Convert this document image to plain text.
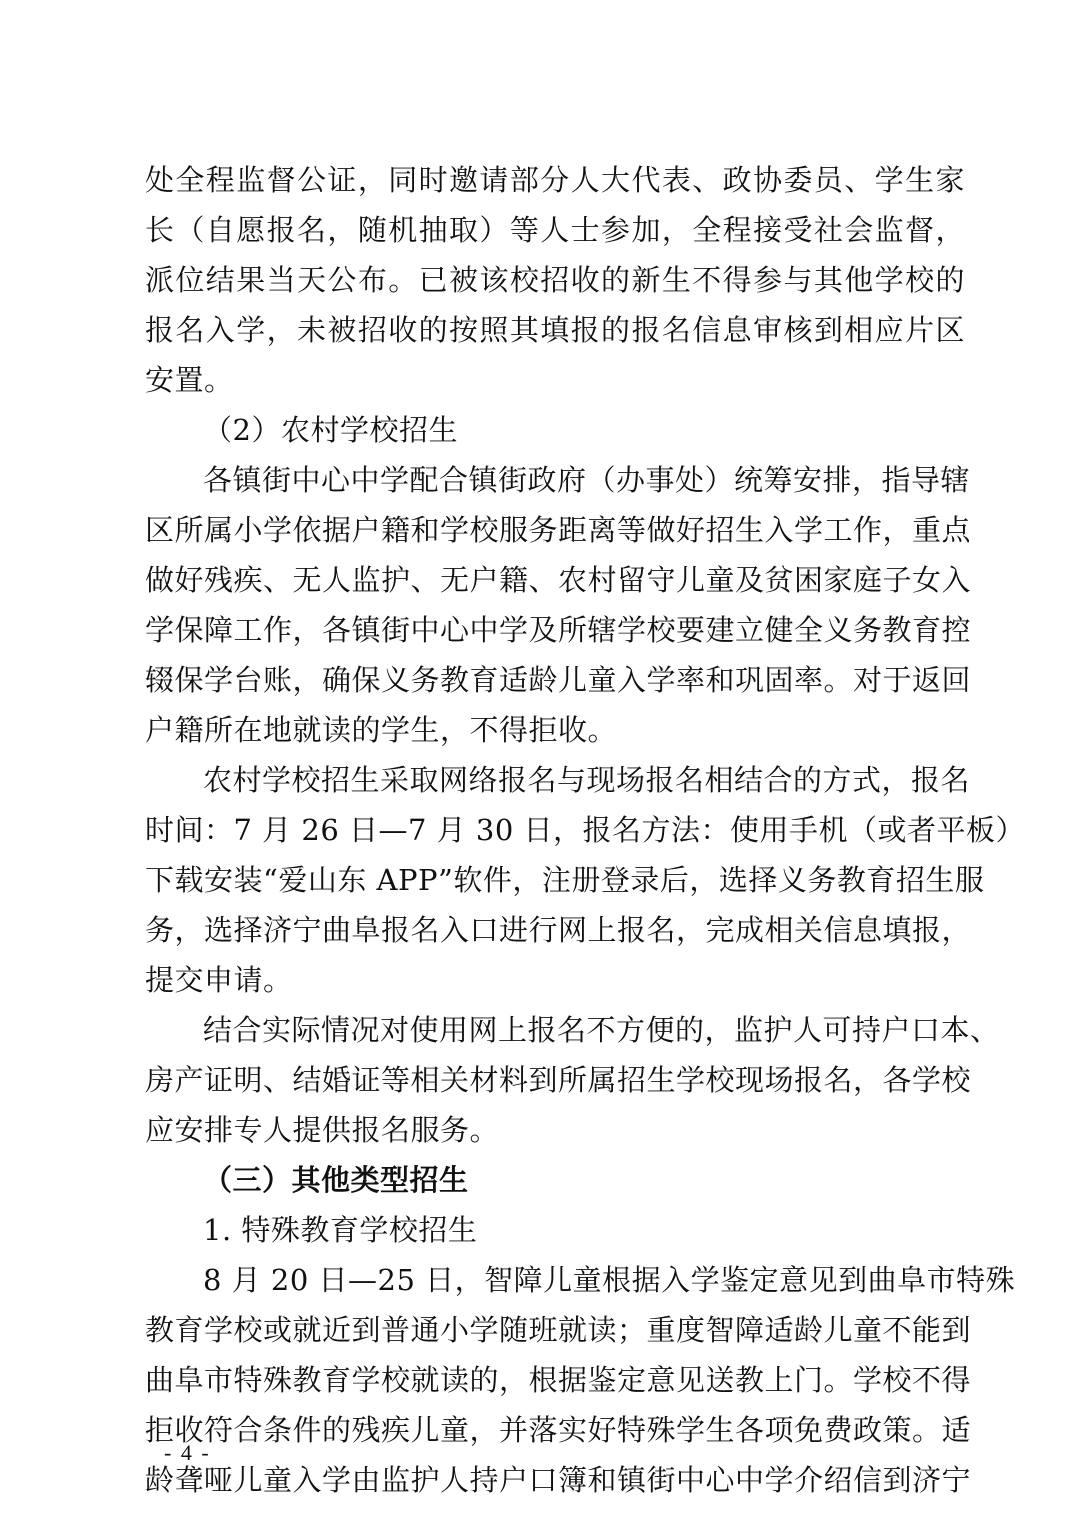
处全程监督公证，同时邀请部分人大代表、政协委员、学生家
长（自愿报名，随机抽取）等人士参加，全程接受社会监督，
派位结果当天公布。已被该校招收的新生不得参与其他学校的
报名入学，未被招收的按照其填报的报名信息审核到相应片区
安置。
（2）农村学校招生
各镇街中心中学配合镇街政府（办事处）统筹安排，指导辖
区所属小学依据户籍和学校服务距离等做好招生入学工作，重点
做好残疾、无人监护、无户籍、农村留守儿童及贫困家庭子女入
学保障工作，各镇街中心中学及所辖学校要建立健全义务教育控
辍保学台账，确保义务教育适龄儿童入学率和巩固率。对于返回
户籍所在地就读的学生，不得拒收。
农村学校招生采取网络报名与现场报名相结合的方式，报名
时间：7 月 26 日—7 月 30 日，报名方法：使用手机（或者平板）
下载安装“爱山东 APP”软件，注册登录后，选择义务教育招生服
务，选择济宁曲阜报名入口进行网上报名，完成相关信息填报，
提交申请。
结合实际情况对使用网上报名不方便的，监护人可持户口本、
房产证明、结婚证等相关材料到所属招生学校现场报名，各学校
应安排专人提供报名服务。
（三）其他类型招生
1. 特殊教育学校招生
8 月 20 日—25 日，智障儿童根据入学鉴定意见到曲阜市特殊
教育学校或就近到普通小学随班就读；重度智障适龄儿童不能到
曲阜市特殊教育学校就读的，根据鉴定意见送教上门。学校不得
拒收符合条件的残疾儿童，并落实好特殊学生各项免费政策。适
龄聋哑儿童入学由监护人持户口簿和镇街中心中学介绍信到济宁
- 4 -
